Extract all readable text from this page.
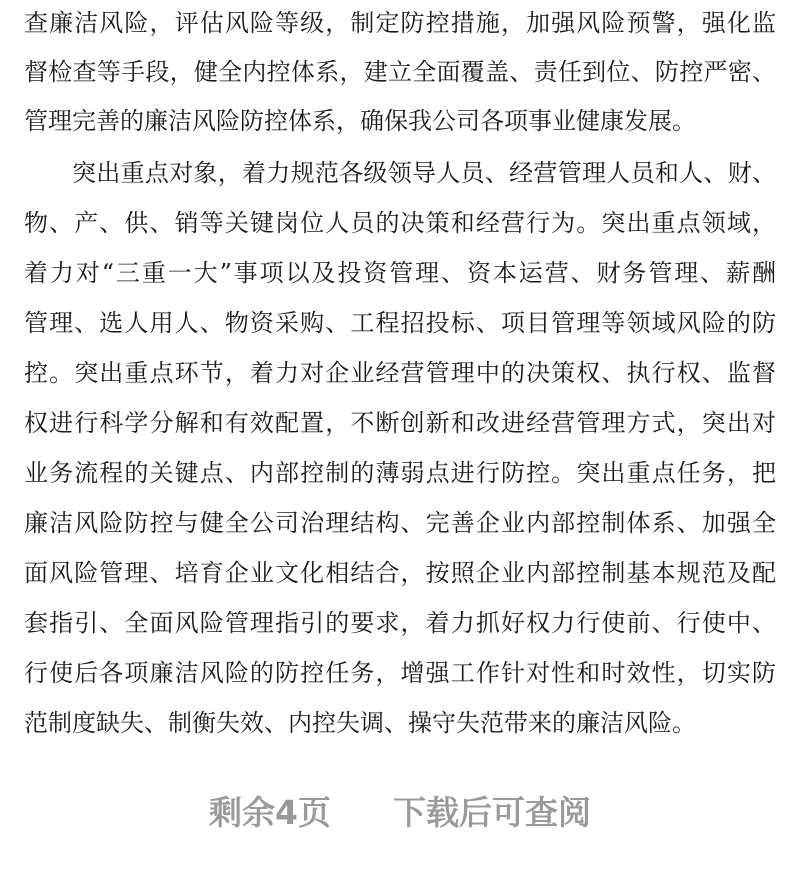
查廉洁风险，评估风险等级，制定防控措施，加强风险预警，强化监
督检查等手段，健全内控体系，建立全面覆盖、责任到位、防控严密、
管理完善的廉洁风险防控体系，确保我公司各项事业健康发展。
突出重点对象，着力规范各级领导人员、经营管理人员和人、财、
物、产、供、销等关键岗位人员的决策和经营行为。突出重点领域，
着力对“三重一大”事项以及投资管理、资本运营、财务管理、薪酬
管理、选人用人、物资采购、工程招投标、项目管理等领域风险的防
控。突出重点环节，着力对企业经营管理中的决策权、执行权、监督
权进行科学分解和有效配置，不断创新和改进经营管理方式，突出对
业务流程的关键点、内部控制的薄弱点进行防控。突出重点任务，把
廉洁风险防控与健全公司治理结构、完善企业内部控制体系、加强全
面风险管理、培育企业文化相结合，按照企业内部控制基本规范及配
套指引、全面风险管理指引的要求，着力抓好权力行使前、行使中、
行使后各项廉洁风险的防控任务，增强工作针对性和时效性，切实防
范制度缺失、制衡失效、内控失调、操守失范带来的廉洁风险。
剩余4页 下载后可查阅
